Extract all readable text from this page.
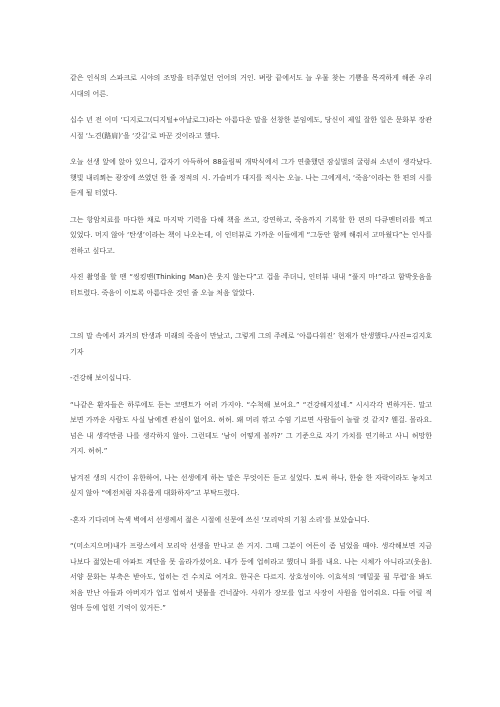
같은 인식의 스파크로 시야의 조망을 터주었던 언어의 거인. 벼랑 끝에서도 늘 우물 찾는 기쁨을 목격하게 해준 우리 시대의 어른.

십수 년 전 이미 ‘디지로그(디지털+아날로그)라는 아름다운 말을 선창한 분임에도, 당신이 제일 잘한 일은 문화부 장관 시절 ‘노견(路肩)’을 ‘갓길’로 바꾼 것이라고 했다.

오늘 선생 앞에 앉아 있으니, 갑자기 아득하여 88올림픽 개막식에서 그가 연출했던 잠실벌의 굴렁쇠 소년이 생각났다. 햇빛 내리쬐는 광장에 쓰였던 한 줄 정적의 시. 가슬비가 대지를 적시는 오늘. 나는 그에게서, ‘죽음’이라는 한 편의 시를 듣게 될 터였다.

그는 항암치료를 마다한 채로 마지막 기력을 다해 책을 쓰고, 강연하고, 죽음까지 기록할 한 편의 다큐멘터리를 찍고 있었다. 머지 않아 ‘탄생’이라는 책이 나오는데, 이 인터뷰로 가까운 이들에게 “그동안 함께 해줘서 고마웠다”는 인사를 전하고 싶다고.

사진 촬영을 할 땐 “씽킹맨(Thinking Man)은 웃지 않는다”고 겁을 주더니, 인터뷰 내내 “풀지 마!”라고 함박웃음을 터트렸다. 죽음이 이토록 아름다운 것인 줄 오늘 처음 알았다.

그의 말 속에서 과거의 탄생과 미래의 죽음이 만났고, 그렇게 그의 주례로 ‘아름다워진’ 현재가 탄생했다./사진=김지호 기자

-건강해 보이십니다.

“나같은 환자들은 하루에도 듣는 코멘트가 여러 가지야. “수척해 보여요.” “건강해지셨네.” 시시각각 변하거든. 말고 보면 가까운 사람도 사실 남에겐 관심이 없어요. 허허. 왜 머리 깎고 수염 기르면 사람들이 놀랄 것 같지? 웬걸. 몰라요. 넘은 내 생각만큼 나를 생각하지 않아. 그런데도 ‘남이 어떻게 볼까?’ 그 기준으로 자기 가치를 연기하고 사니 허망한 거지. 허허.”

남겨진 생의 시간이 유한하여, 나는 선생에게 하는 말은 무엇이든 듣고 싶었다. 토씨 하나, 한숨 한 자락이라도 놓치고 싶지 않아 “예전처럼 자유롭게 대화하자”고 부탁드렸다.

-혼자 기다리며 녹색 벽에서 선생께서 젊은 시절에 신문에 쓰신 ‘모리악의 기침 소리’를 보았습니다.

“(미소지으며)내가 프랑스에서 모리악 선생을 만나고 쓴 거지. 그때 그분이 여든이 좀 넘었을 때야. 생각해보면 지금 나보다 젊었는데 아파트 계단을 못 올라가셨어요. 내가 등에 업히라고 했더니 화를 내요. 나는 시체가 아니라고(웃음). 서양 문화는 부축은 받아도, 업히는 건 수치로 여겨요. 한국은 다르지. 상호성이야. 이효석의 ‘메밀꽃 필 무렵’을 봐도 처음 만난 아들과 아버지가 업고 업혀서 냇물을 건너잖아. 사위가 장모를 업고 사장이 사원을 업어줘요. 다들 어릴 적 엄마 등에 업힌 기억이 있거든.”
